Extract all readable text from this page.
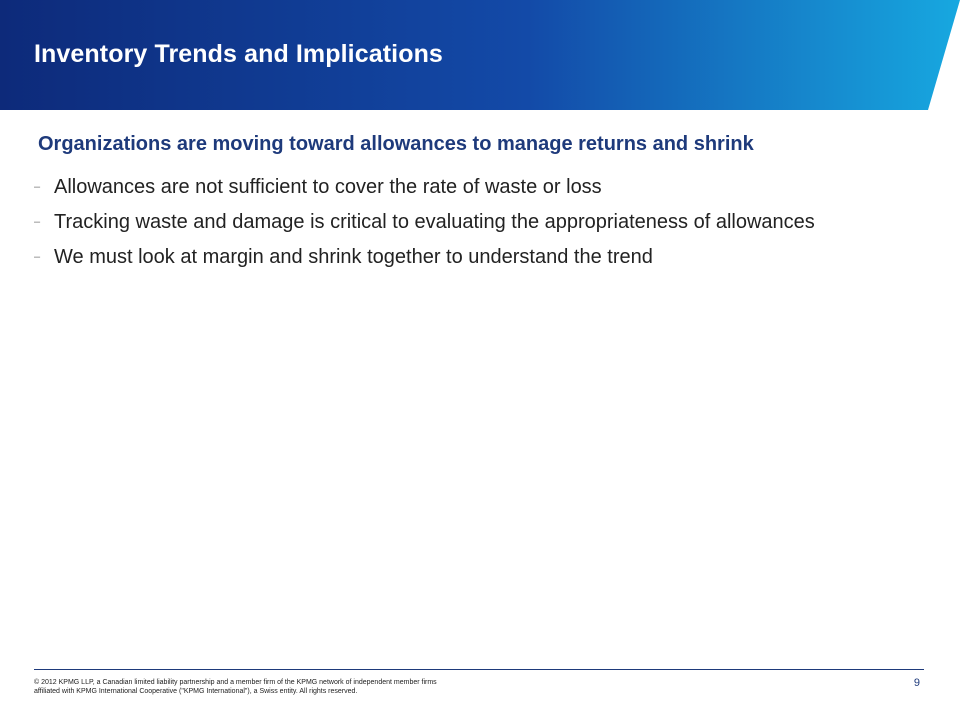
Inventory Trends and Implications
Organizations are moving toward allowances to manage returns and shrink
– Allowances are not sufficient to cover the rate of waste or loss
– Tracking waste and damage is critical to evaluating the appropriateness of allowances
– We must look at margin and shrink together to understand the trend

© 2012 KPMG LLP, a Canadian limited liability partnership and a member firm of the KPMG network of independent member firms
affiliated with KPMG International Cooperative ("KPMG International"), a Swiss entity. All rights reserved.

9
